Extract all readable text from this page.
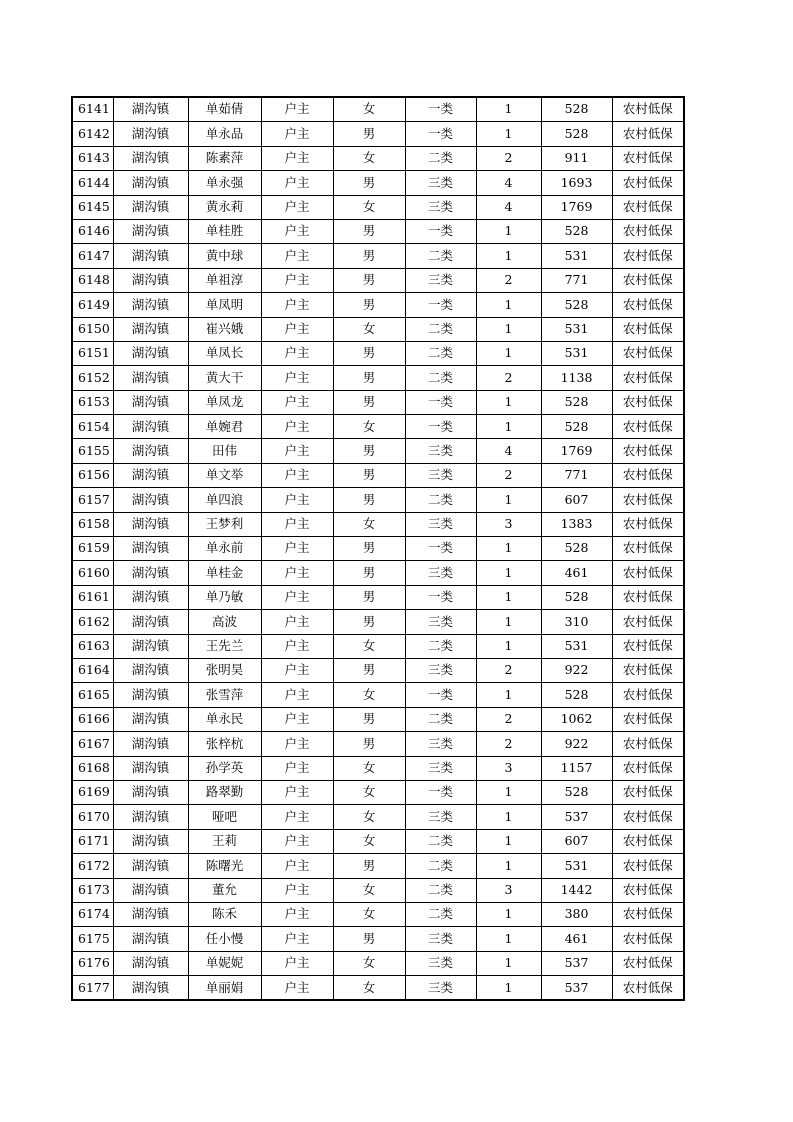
6141	湖沟镇	单茹倩	户主	女	一类	1	528	农村低保
6142	湖沟镇	单永品	户主	男	一类	1	528	农村低保
6143	湖沟镇	陈素萍	户主	女	二类	2	911	农村低保
6144	湖沟镇	单永强	户主	男	三类	4	1693	农村低保
6145	湖沟镇	黄永莉	户主	女	三类	4	1769	农村低保
6146	湖沟镇	单桂胜	户主	男	一类	1	528	农村低保
6147	湖沟镇	黄中球	户主	男	二类	1	531	农村低保
6148	湖沟镇	单祖淳	户主	男	三类	2	771	农村低保
6149	湖沟镇	单凤明	户主	男	一类	1	528	农村低保
6150	湖沟镇	崔兴娥	户主	女	二类	1	531	农村低保
6151	湖沟镇	单凤长	户主	男	二类	1	531	农村低保
6152	湖沟镇	黄大干	户主	男	二类	2	1138	农村低保
6153	湖沟镇	单凤龙	户主	男	一类	1	528	农村低保
6154	湖沟镇	单婉君	户主	女	一类	1	528	农村低保
6155	湖沟镇	田伟	户主	男	三类	4	1769	农村低保
6156	湖沟镇	单文举	户主	男	三类	2	771	农村低保
6157	湖沟镇	单四浪	户主	男	二类	1	607	农村低保
6158	湖沟镇	王梦利	户主	女	三类	3	1383	农村低保
6159	湖沟镇	单永前	户主	男	一类	1	528	农村低保
6160	湖沟镇	单桂金	户主	男	三类	1	461	农村低保
6161	湖沟镇	单乃敏	户主	男	一类	1	528	农村低保
6162	湖沟镇	高波	户主	男	三类	1	310	农村低保
6163	湖沟镇	王先兰	户主	女	二类	1	531	农村低保
6164	湖沟镇	张明昊	户主	男	三类	2	922	农村低保
6165	湖沟镇	张雪萍	户主	女	一类	1	528	农村低保
6166	湖沟镇	单永民	户主	男	二类	2	1062	农村低保
6167	湖沟镇	张梓杭	户主	男	三类	2	922	农村低保
6168	湖沟镇	孙学英	户主	女	三类	3	1157	农村低保
6169	湖沟镇	路翠勤	户主	女	一类	1	528	农村低保
6170	湖沟镇	哑吧	户主	女	三类	1	537	农村低保
6171	湖沟镇	王莉	户主	女	二类	1	607	农村低保
6172	湖沟镇	陈曙光	户主	男	二类	1	531	农村低保
6173	湖沟镇	董允	户主	女	二类	3	1442	农村低保
6174	湖沟镇	陈禾	户主	女	二类	1	380	农村低保
6175	湖沟镇	任小慢	户主	男	三类	1	461	农村低保
6176	湖沟镇	单妮妮	户主	女	三类	1	537	农村低保
6177	湖沟镇	单丽娟	户主	女	三类	1	537	农村低保
